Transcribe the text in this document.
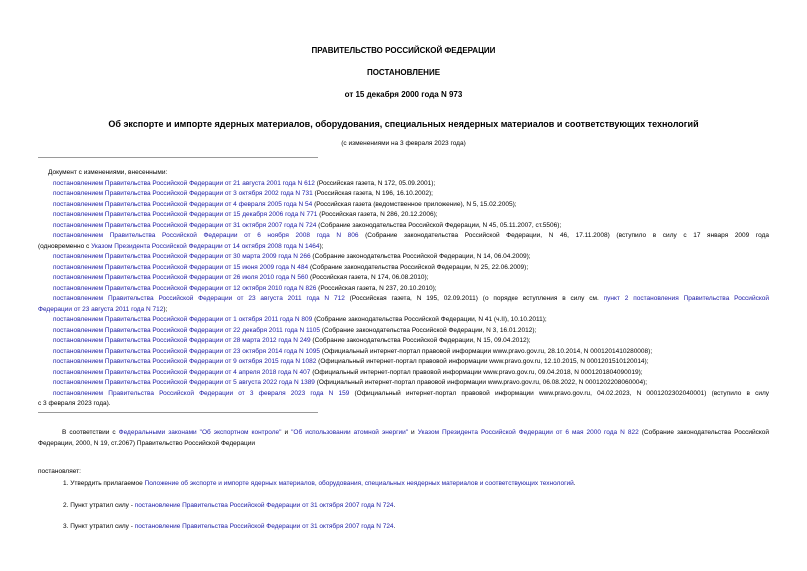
ПРАВИТЕЛЬСТВО РОССИЙСКОЙ ФЕДЕРАЦИИ
ПОСТАНОВЛЕНИЕ
от 15 декабря 2000 года N 973
Об экспорте и импорте ядерных материалов, оборудования, специальных неядерных материалов и соответствующих технологий
(с изменениями на 3 февраля 2023 года)
Документ с изменениями, внесенными:
постановлением Правительства Российской Федерации от 21 августа 2001 года N 612 (Российская газета, N 172, 05.09.2001);
постановлением Правительства Российской Федерации от 3 октября 2002 года N 731 (Российская газета, N 196, 16.10.2002);
постановлением Правительства Российской Федерации от 4 февраля 2005 года N 54 (Российская газета (ведомственное приложение), N 5, 15.02.2005);
постановлением Правительства Российской Федерации от 15 декабря 2006 года N 771 (Российская газета, N 286, 20.12.2006);
постановлением Правительства Российской Федерации от 31 октября 2007 года N 724 (Собрание законодательства Российской Федерации, N 45, 05.11.2007, ст.5506);
постановлением Правительства Российской Федерации от 6 ноября 2008 года N 806 (Собрание законодательства Российской Федерации, N 46, 17.11.2008) (вступило в силу с 17 января 2009 года
(одновременно с Указом Президента Российской Федерации от 14 октября 2008 года N 1464);
постановлением Правительства Российской Федерации от 30 марта 2009 года N 266 (Собрание законодательства Российской Федерации, N 14, 06.04.2009);
постановлением Правительства Российской Федерации от 15 июня 2009 года N 484 (Собрание законодательства Российской Федерации, N 25, 22.06.2009);
постановлением Правительства Российской Федерации от 26 июля 2010 года N 560 (Российская газета, N 174, 06.08.2010);
постановлением Правительства Российской Федерации от 12 октября 2010 года N 826 (Российская газета, N 237, 20.10.2010);
постановлением Правительства Российской Федерации от 23 августа 2011 года N 712 (Российская газета, N 195, 02.09.2011) (о порядке вступления в силу см. пункт 2 постановления Правительства Российской
Федерации от 23 августа 2011 года N 712);
постановлением Правительства Российской Федерации от 1 октября 2011 года N 809 (Собрание законодательства Российской Федерации, N 41 (ч.II), 10.10.2011);
постановлением Правительства Российской Федерации от 22 декабря 2011 года N 1105 (Собрание законодательства Российской Федерации, N 3, 16.01.2012);
постановлением Правительства Российской Федерации от 28 марта 2012 года N 249 (Собрание законодательства Российской Федерации, N 15, 09.04.2012);
постановлением Правительства Российской Федерации от 23 октября 2014 года N 1095 (Официальный интернет-портал правовой информации www.pravo.gov.ru, 28.10.2014, N 0001201410280008);
постановлением Правительства Российской Федерации от 9 октября 2015 года N 1082 (Официальный интернет-портал правовой информации www.pravo.gov.ru, 12.10.2015, N 0001201510120014);
постановлением Правительства Российской Федерации от 4 апреля 2018 года N 407 (Официальный интернет-портал правовой информации www.pravo.gov.ru, 09.04.2018, N 0001201804090019);
постановлением Правительства Российской Федерации от 5 августа 2022 года N 1389 (Официальный интернет-портал правовой информации www.pravo.gov.ru, 06.08.2022, N 0001202208060004);
постановлением Правительства Российской Федерации от 3 февраля 2023 года N 159 (Официальный интернет-портал правовой информации www.pravo.gov.ru, 04.02.2023, N 0001202302040001) (вступило в силу
с 3 февраля 2023 года).
В соответствии с Федеральными законами "Об экспортном контроле" и "Об использовании атомной энергии" и Указом Президента Российской Федерации от 6 мая 2000 года N 822 (Собрание законодательства Российской Федерации, 2000, N 19, ст.2067) Правительство Российской Федерации
постановляет:
1. Утвердить прилагаемое Положение об экспорте и импорте ядерных материалов, оборудования, специальных неядерных материалов и соответствующих технологий.
2. Пункт утратил силу - постановление Правительства Российской Федерации от 31 октября 2007 года N 724.
3. Пункт утратил силу - постановление Правительства Российской Федерации от 31 октября 2007 года N 724.
